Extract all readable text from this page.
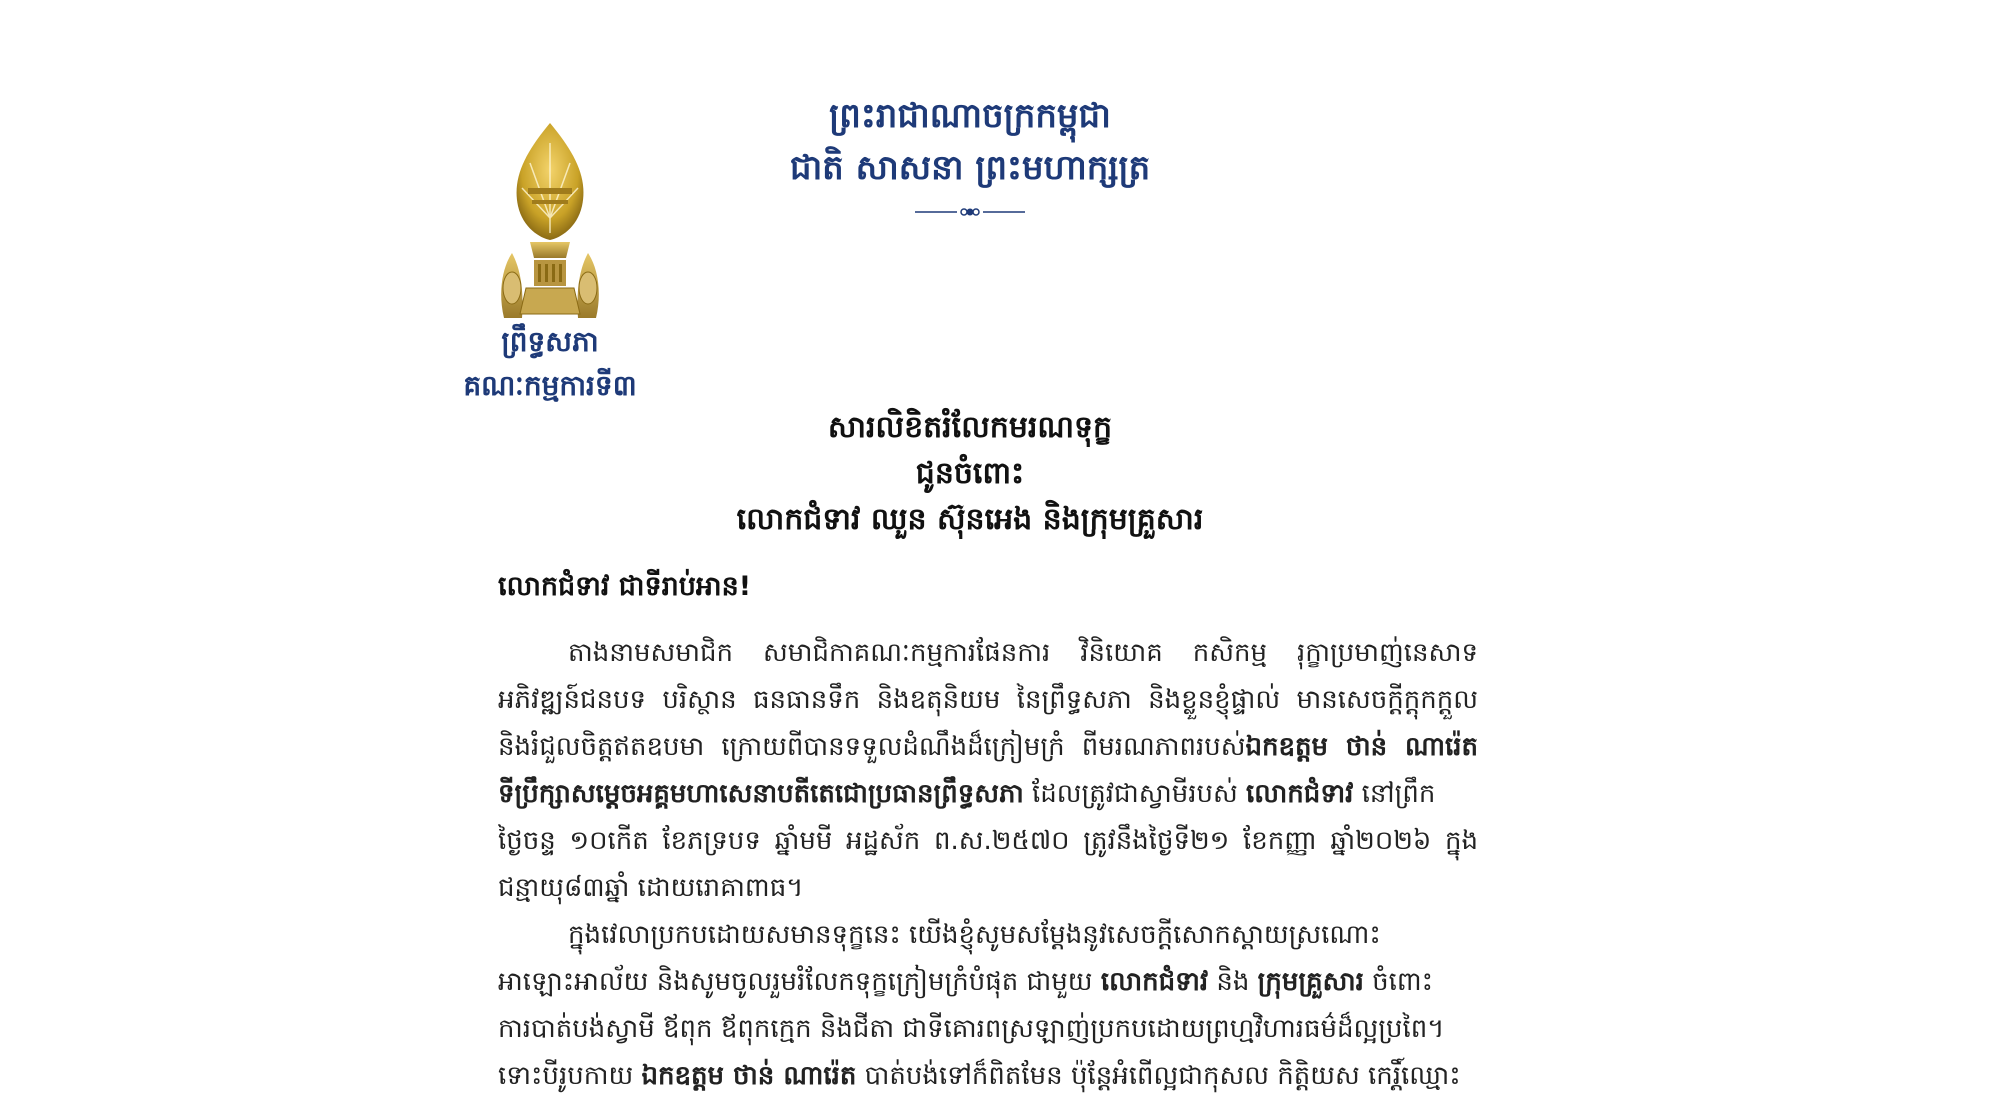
ព្រះរាជាណាចក្រកម្ពុជា
ជាតិ សាសនា ព្រះមហាក្សត្រ
ព្រឹទ្ធសភា
គណៈកម្មការទី៣
សារលិខិតរំលែកមរណទុក្ខ
ជូនចំពោះ
លោកជំទាវ ឈួន ស៊ុនអេង និងក្រុមគ្រួសារ
លោកជំទាវ ជាទីរាប់អាន!
តាងនាមសមាជិក សមាជិកាគណៈកម្មការផែនការ វិនិយោគ កសិកម្ម រុក្ខាប្រមាញ់នេសាទ
អភិវឌ្ឍន៍ជនបទ បរិស្ថាន ធនធានទឹក និងឧតុនិយម នៃព្រឹទ្ធសភា និងខ្លួនខ្ញុំផ្ទាល់ មានសេចក្តីក្តុកក្តួល
និងរំជួលចិត្តឥតឧបមា ក្រោយពីបានទទួលដំណឹងដ៏ក្រៀមក្រំ ពីមរណភាពរបស់ឯកឧត្តម ថាន់ ណារ៉េត
ទីប្រឹក្សាសម្តេចអគ្គមហាសេនាបតីតេជោប្រធានព្រឹទ្ធសភា ដែលត្រូវជាស្វាមីរបស់ លោកជំទាវ នៅព្រឹក
ថ្ងៃចន្ទ ១០កើត ខែភទ្របទ ឆ្នាំមមី អដ្ឋស័ក ព.ស.២៥៧០ ត្រូវនឹងថ្ងៃទី២១ ខែកញ្ញា ឆ្នាំ២០២៦ ក្នុង
ជន្មាយុ៨៣ឆ្នាំ ដោយរោគាពាធ។
ក្នុងវេលាប្រកបដោយសមានទុក្ខនេះ យើងខ្ញុំសូមសម្តែងនូវសេចក្តីសោកស្តាយស្រណោះ
អាឡោះអាល័យ និងសូមចូលរួមរំលែកទុក្ខក្រៀមក្រំបំផុត ជាមួយ លោកជំទាវ និង ក្រុមគ្រួសារ ចំពោះ
ការបាត់បង់ស្វាមី ឪពុក ឪពុកក្មេក និងជីតា ជាទីគោរពស្រឡាញ់ប្រកបដោយព្រហ្មវិហារធម៌ដ៏ល្អប្រពៃ។
ទោះបីរូបកាយ ឯកឧត្តម ថាន់ ណារ៉េត បាត់បង់ទៅក៏ពិតមែន ប៉ុន្តែអំពើល្អជាកុសល កិត្តិយស កេរ្តិ៍ឈ្មោះ
